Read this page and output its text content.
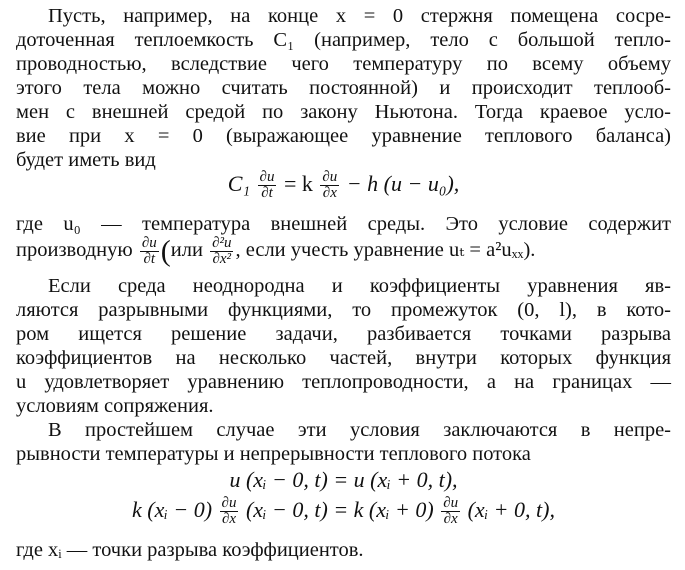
Пусть, например, на конце x = 0 стержня помещена сосре-
доточенная теплоемкость C₁ (например, тело с большой тепло-
проводностью, вследствие чего температуру по всему объему
этого тела можно считать постоянной) и происходит теплооб-
мен с внешней средой по закону Ньютона. Тогда краевое усло-
вие при x = 0 (выражающее уравнение теплового баланса)
будет иметь вид
$C_1 \frac{\partial u}{\partial t} = k \frac{\partial u}{\partial x} - h$ (u − u₀),
где u₀ — температура внешней среды. Это условие содержит
производную $\frac{\partial u}{\partial t} (или \frac{\text{∂²u}}{\text{∂x²}}$ , если учесть уравнение uₜ = a²uₓₓ).
Если среда неоднородна и коэффициенты уравнения яв-
ляются разрывными функциями, то промежуток (0, l), в кото-
ром ищется решение задачи, разбивается точками разрыва
коэффициентов на несколько частей, внутри которых функция
u удовлетворяет уравнению теплопроводности, а на границах —
условиям сопряжения.
В простейшем случае эти условия заключаются в непре-
рывности температуры и непрерывности теплового потока
u (xᵢ − 0, t) = u (xᵢ + 0, t),
k (xᵢ − $0) \frac{\partial u}{\partial x}$ (xᵢ − 0, t) = k (xᵢ + $0) \frac{\partial u}{\partial x}$ (xᵢ + 0, t),
где xᵢ — точки разрыва коэффициентов.
